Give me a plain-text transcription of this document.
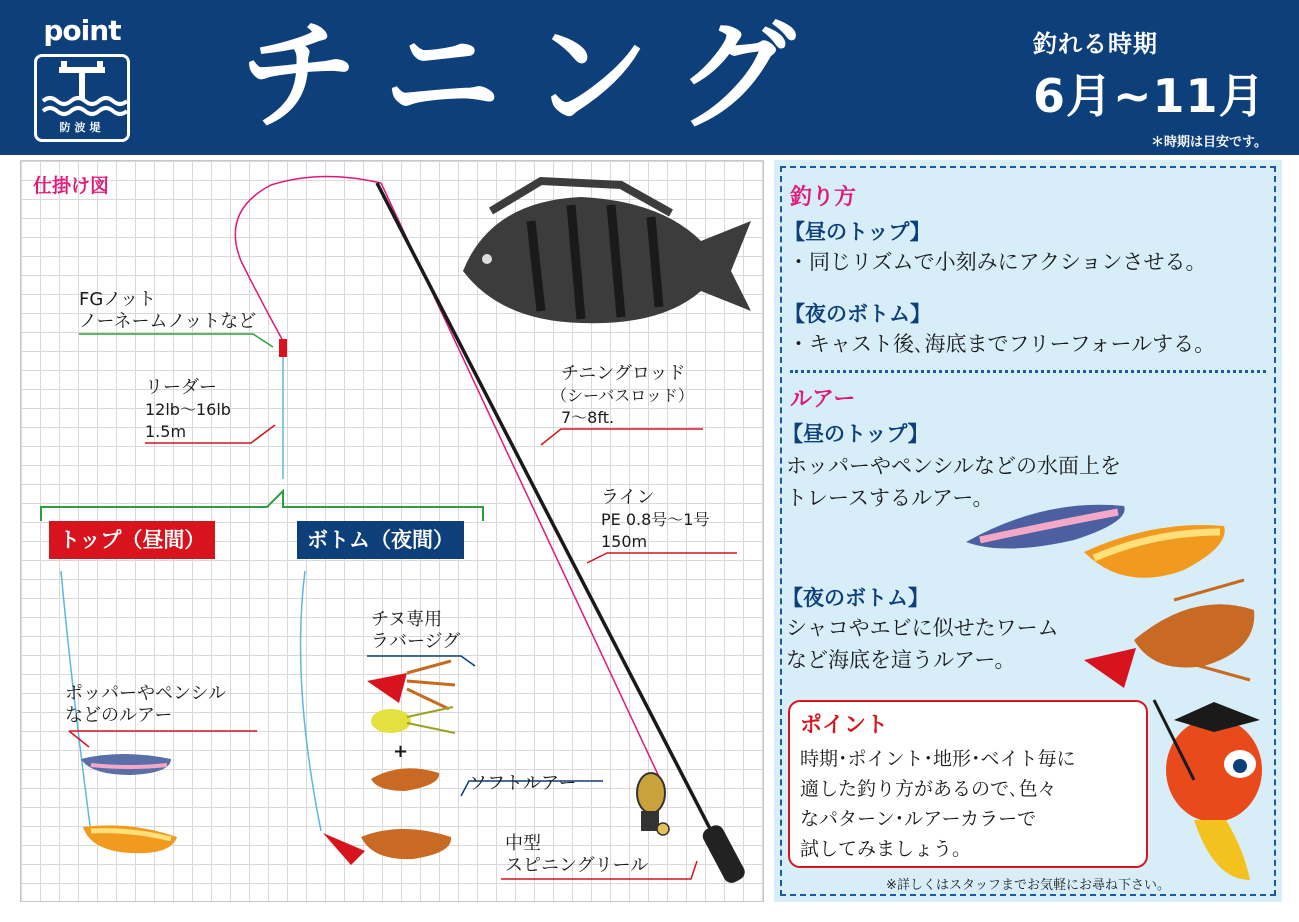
point
防波堤 チニング	釣れる時期
6月~11月
＊時期は目安です。
仕掛け図
FGノット
ノーネームノットなど
リーダー
12lb～16lb
1.5m
チニングロッド
（シーバスロッド）
7～8ft.
ライン
PE 0.8号～1号
150m
トップ（昼間）	ボトム（夜間）
チヌ専用
ラバージグ
+
ソフトルアー
ポッパーやペンシル
などのルアー
中型
スピニングリール
釣り方
【昼のトップ】
・同じリズムで小刻みにアクションさせる。
【夜のボトム】
・キャスト後､海底までフリーフォールする。
ルアー
【昼のトップ】
ホッパーやペンシルなどの水面上を
トレースするルアー。
【夜のボトム】
シャコやエビに似せたワーム
など海底を這うルアー。
ポイント
時期･ポイント･地形･ベイト毎に
適した釣り方があるので､色々
なパターン･ルアーカラーで
試してみましょう。
※詳しくはスタッフまでお気軽にお尋ね下さい。
